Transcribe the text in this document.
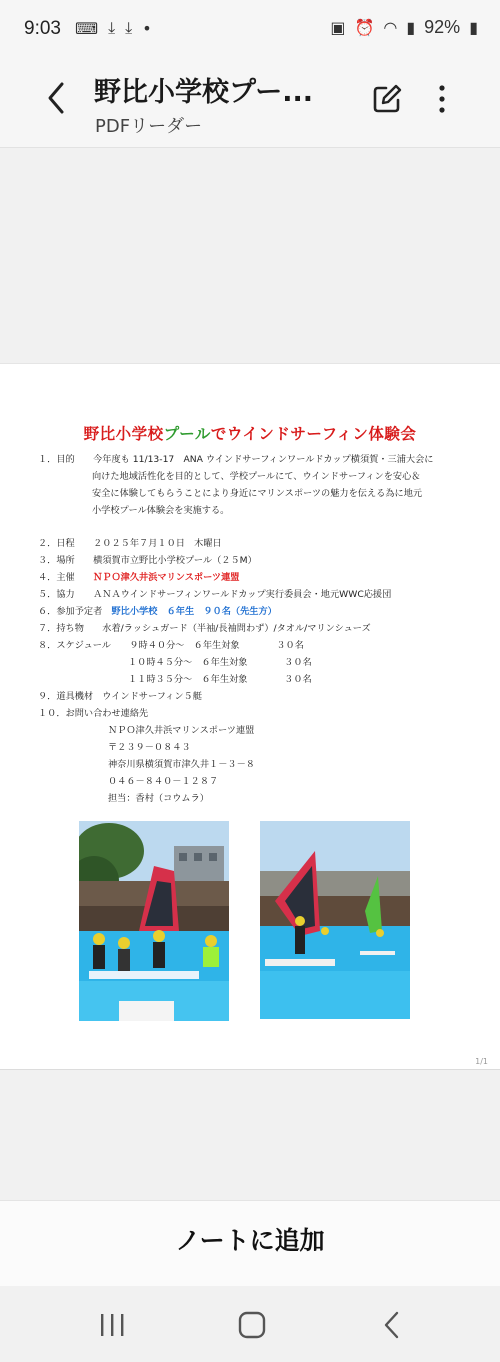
9:03 ⌨ ⤓ ⤓ •	▣ ⏰ ◠ ▮ 92% ▮
野比小学校プー...
PDFリーダー
野比小学校プールでウインドサーフィン体験会
１．目的　　今年度も 11/13-17　ANA ウインドサーフィンワールドカップ横須賀・三浦大会に
向けた地域活性化を目的として、学校プールにて、ウインドサーフィンを安心＆
安全に体験してもらうことにより身近にマリンスポーツの魅力を伝える為に地元
小学校プール体験会を実施する。
２．日程　　２０２５年７月１０日　木曜日
３．場所　　横須賀市立野比小学校プール（２５M）
４．主催　　ＮＰＯ津久井浜マリンスポーツ連盟
５．協力　　ＡＮＡウインドサーフィンワールドカップ実行委員会・地元WWC応援団
６．参加予定者　野比小学校　６年生　９０名（先生方）
７．持ち物　　水着/ラッシュガード（半袖/長袖問わず）/タオル/マリンシューズ
８．スケジュール　　９時４０分～　６年生対象　　　　３０名
１０時４５分～　６年生対象　　　　３０名
１１時３５分～　６年生対象　　　　３０名
９．道具機材　ウインドサーフィン５艇
１０．お問い合わせ連絡先
ＮＰＯ津久井浜マリンスポーツ連盟
〒２３９－０８４３
神奈川県横須賀市津久井１－３－８
０４６－８４０－１２８７
担当：香村（コウムラ）
1/1
ノートに追加
